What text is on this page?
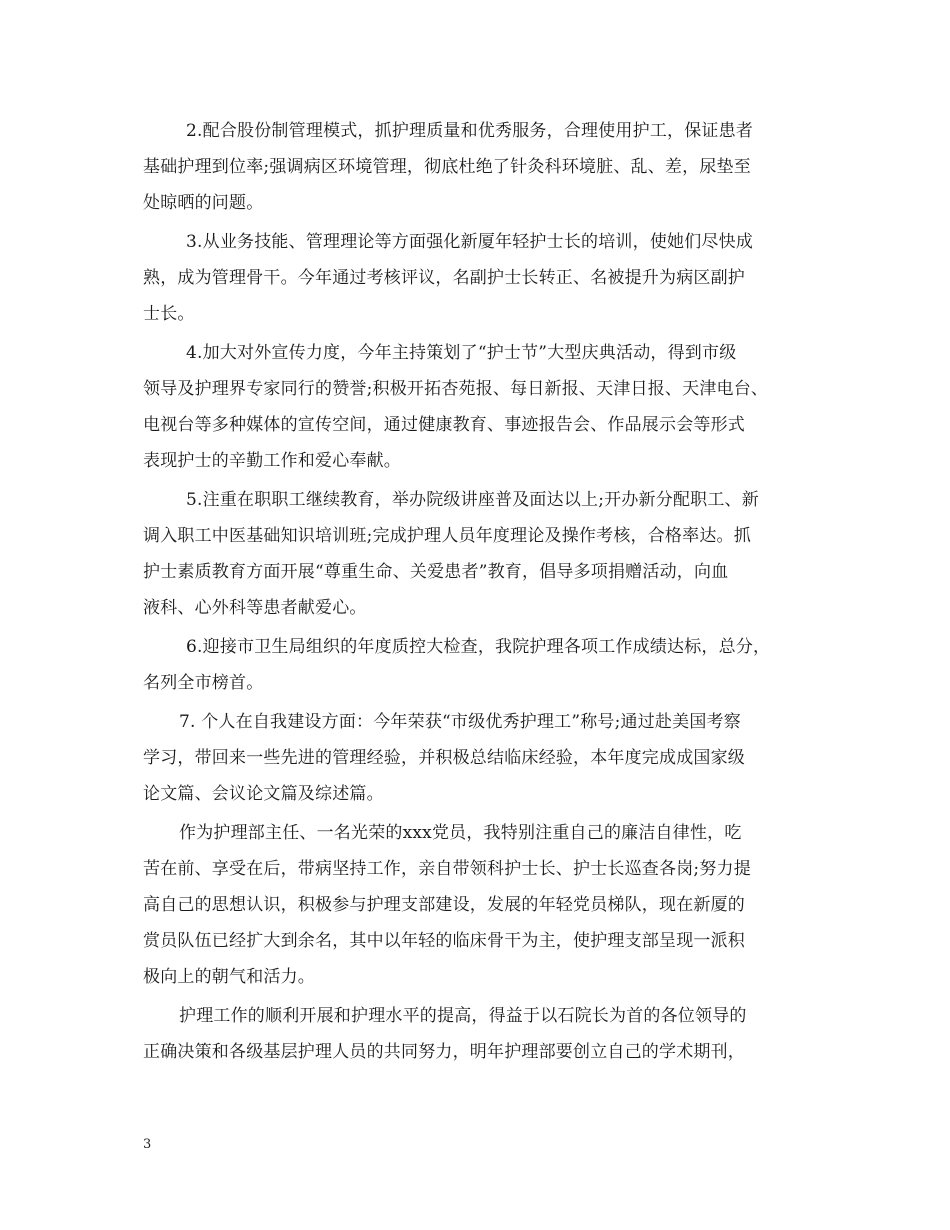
2.配合股份制管理模式，抓护理质量和优秀服务，合理使用护工，保证患者
基础护理到位率;强调病区环境管理，彻底杜绝了针灸科环境脏、乱、差，尿垫至
处晾晒的问题。

3.从业务技能、管理理论等方面强化新厦年轻护士长的培训，使她们尽快成
熟，成为管理骨干。今年通过考核评议，名副护士长转正、名被提升为病区副护
士长。

4.加大对外宣传力度，今年主持策划了“护士节”大型庆典活动，得到市级
领导及护理界专家同行的赞誉;积极开拓杏苑报、每日新报、天津日报、天津电台、
电视台等多种媒体的宣传空间，通过健康教育、事迹报告会、作品展示会等形式
表现护士的辛勤工作和爱心奉献。

5.注重在职职工继续教育，举办院级讲座普及面达以上;开办新分配职工、新
调入职工中医基础知识培训班;完成护理人员年度理论及操作考核，合格率达。抓
护士素质教育方面开展“尊重生命、关爱患者”教育，倡导多项捐赠活动，向血
液科、心外科等患者献爱心。

6.迎接市卫生局组织的年度质控大检查，我院护理各项工作成绩达标，总分，
名列全市榜首。

7. 个人在自我建设方面：今年荣获“市级优秀护理工”称号;通过赴美国考察
学习，带回来一些先进的管理经验，并积极总结临床经验，本年度完成成国家级
论文篇、会议论文篇及综述篇。

作为护理部主任、一名光荣的xxx党员，我特别注重自己的廉洁自律性，吃
苦在前、享受在后，带病坚持工作，亲自带领科护士长、护士长巡查各岗;努力提
高自己的思想认识，积极参与护理支部建设，发展的年轻党员梯队，现在新厦的
赏员队伍已经扩大到余名，其中以年轻的临床骨干为主，使护理支部呈现一派积
极向上的朝气和活力。

护理工作的顺利开展和护理水平的提高，得益于以石院长为首的各位领导的
正确决策和各级基层护理人员的共同努力，明年护理部要创立自己的学术期刊，

3
